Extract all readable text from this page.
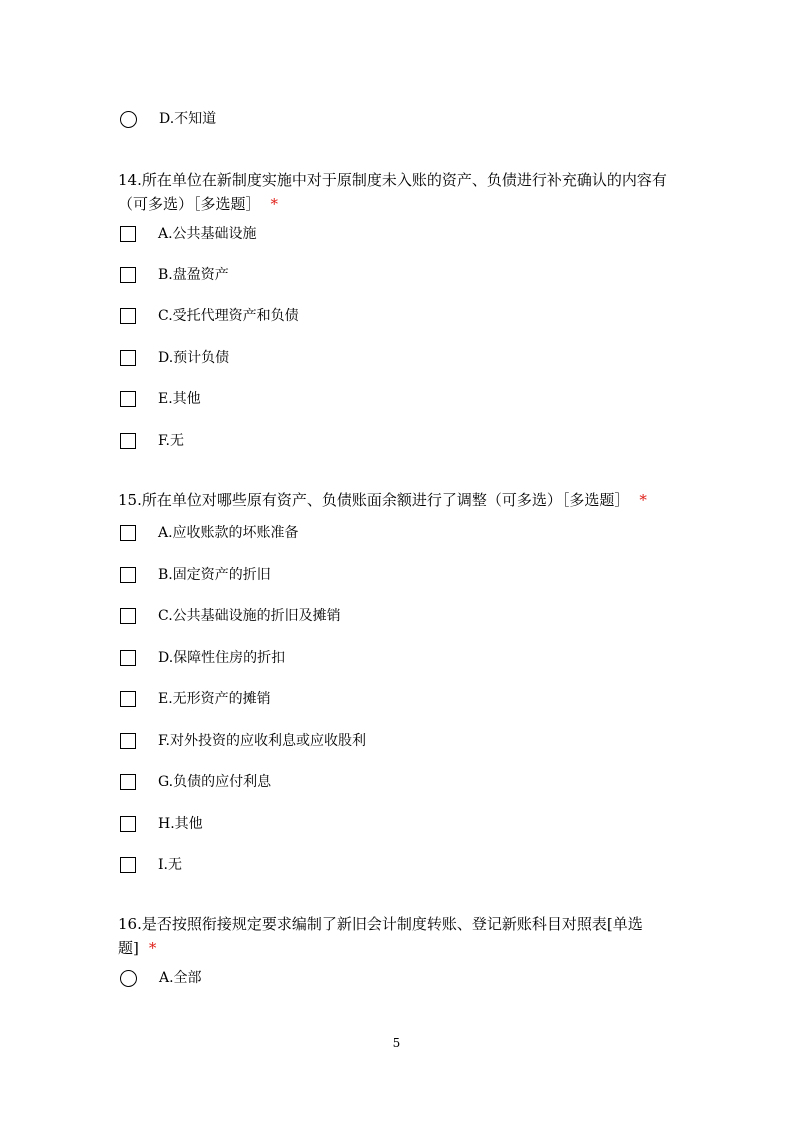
D.不知道
14.所在单位在新制度实施中对于原制度未入账的资产、负债进行补充确认的内容有（可多选）［多选题］ *
A.公共基础设施
B.盘盈资产
C.受托代理资产和负债
D.预计负债
E.其他
F.无
15.所在单位对哪些原有资产、负债账面余额进行了调整（可多选）［多选题］ *
A.应收账款的坏账准备
B.固定资产的折旧
C.公共基础设施的折旧及摊销
D.保障性住房的折扣
E.无形资产的摊销
F.对外投资的应收利息或应收股利
G.负债的应付利息
H.其他
I.无
16.是否按照衔接规定要求编制了新旧会计制度转账、登记新账科目对照表[单选题] *
A.全部
5
